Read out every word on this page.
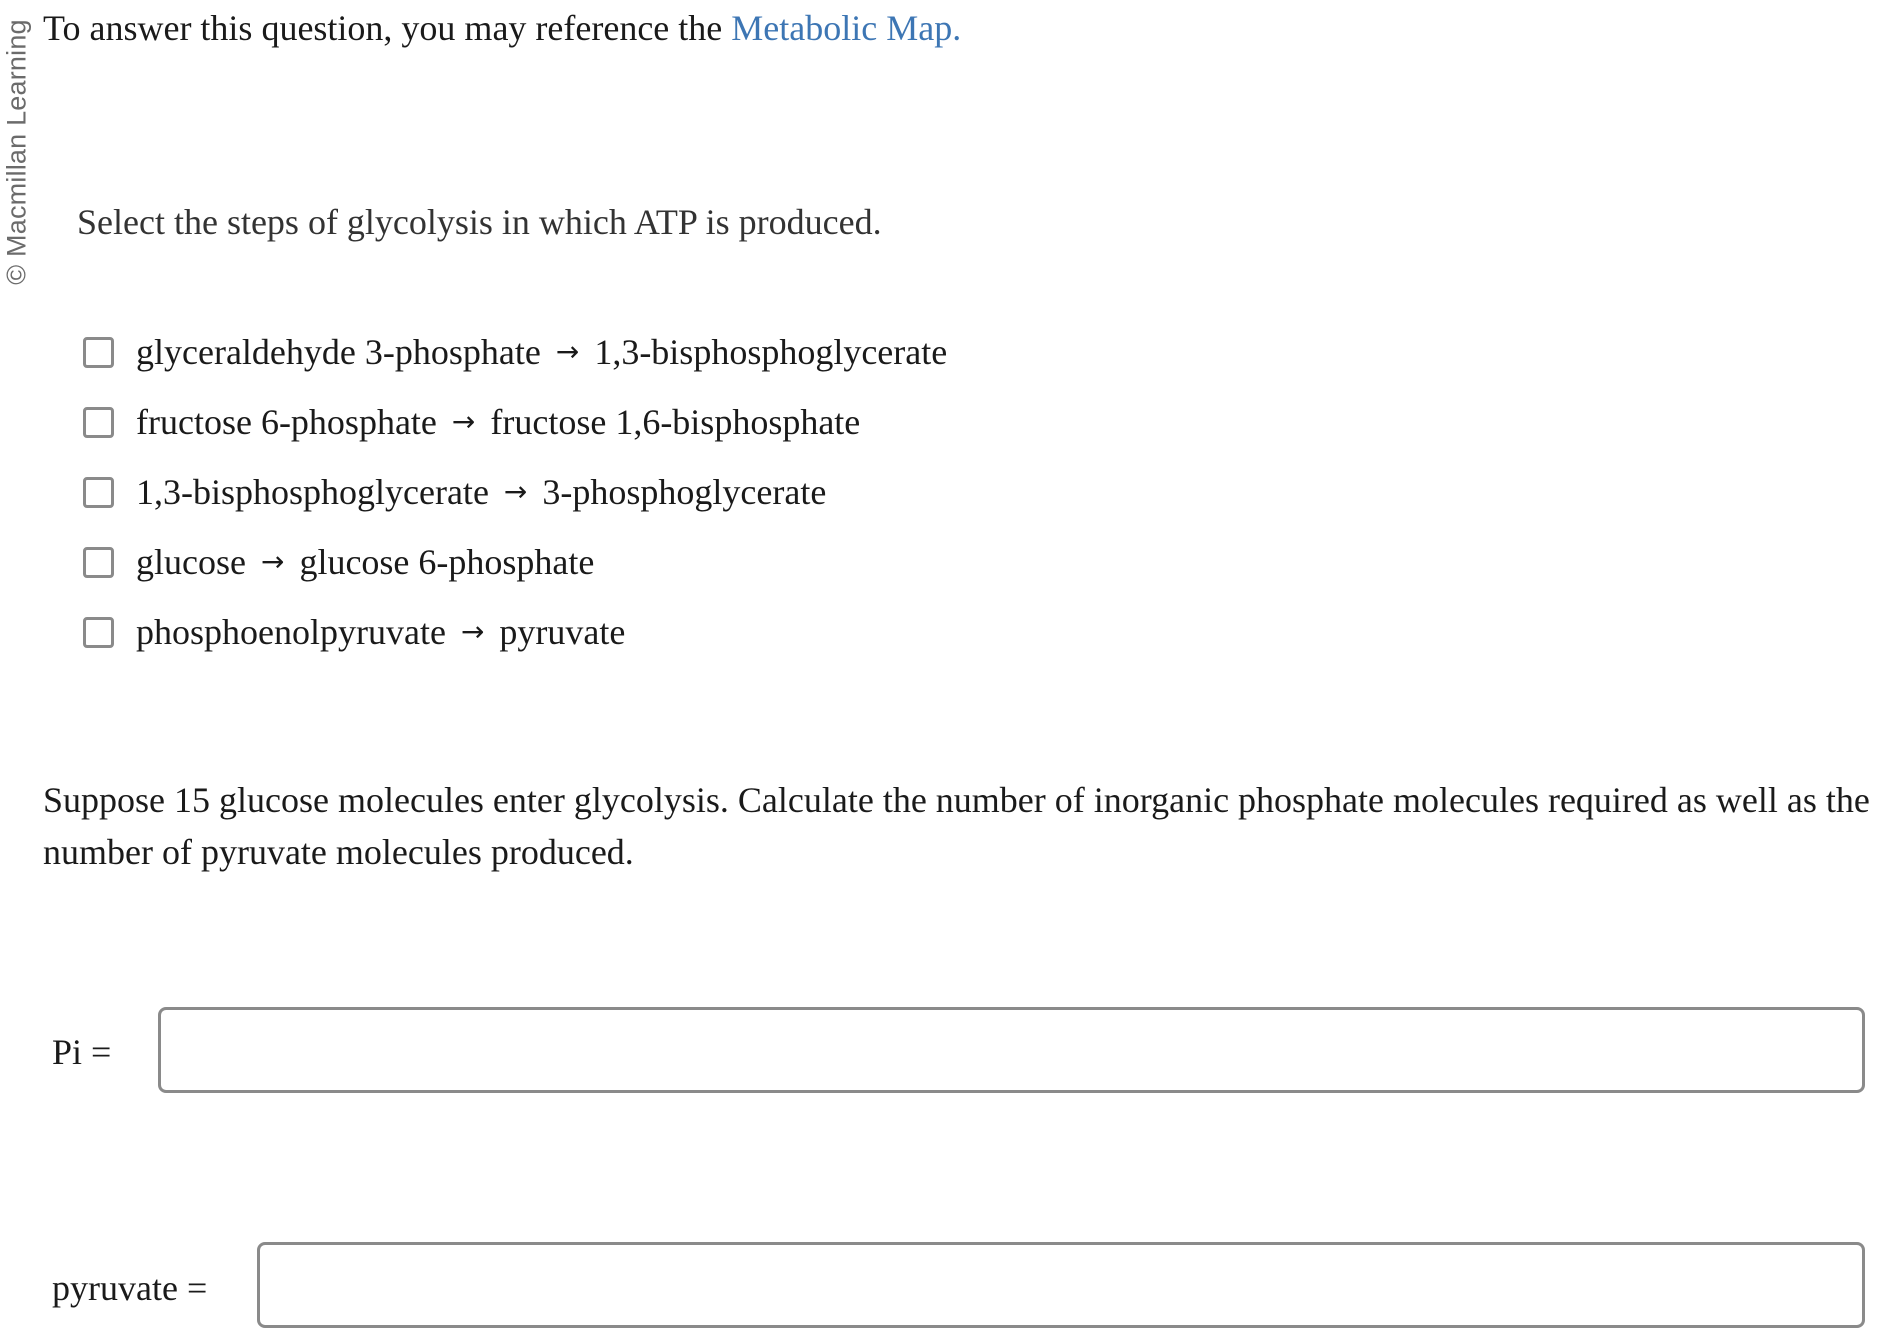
© Macmillan Learning To answer this question, you may reference the Metabolic Map.
Select the steps of glycolysis in which ATP is produced.
glyceraldehyde 3-phosphate → 1,3-bisphosphoglycerate
fructose 6-phosphate → fructose 1,6-bisphosphate
1,3-bisphosphoglycerate → 3-phosphoglycerate
glucose → glucose 6-phosphate
phosphoenolpyruvate → pyruvate
Suppose 15 glucose molecules enter glycolysis. Calculate the number of inorganic phosphate molecules required as well as the number of pyruvate molecules produced.
Pi =
pyruvate =
